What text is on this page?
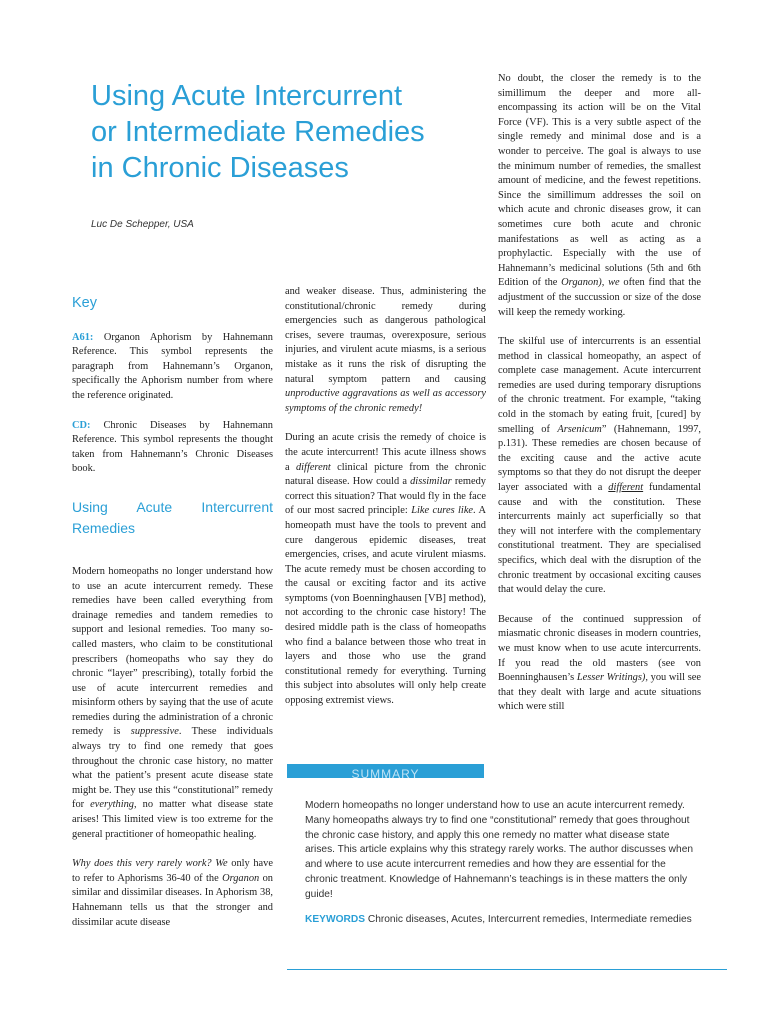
Using Acute Intercurrent
or Intermediate Remedies
in Chronic Diseases
Luc De Schepper, USA
Key

A61: Organon Aphorism by Hahnemann Reference. This symbol represents the paragraph from Hahnemann’s Organon, specifically the Aphorism number from where the reference originated.

CD: Chronic Diseases by Hahnemann Reference. This symbol represents the thought taken from Hahnemann’s Chronic Diseases book.

Using Acute Intercurrent Remedies

Modern homeopaths no longer understand how to use an acute intercurrent remedy. These remedies have been called everything from drainage remedies and tandem remedies to support and lesional remedies. Too many so-called masters, who claim to be constitutional prescribers (homeopaths who say they do chronic “layer” prescribing), totally forbid the use of acute intercurrent remedies and misinform others by saying that the use of acute remedies during the administration of a chronic remedy is suppressive. These individuals always try to find one remedy that goes throughout the chronic case history, no matter what the patient’s present acute disease state might be. They use this “constitutional” remedy for everything, no matter what disease state arises! This limited view is too extreme for the general practitioner of homeopathic healing.

Why does this very rarely work? We only have to refer to Aphorisms 36-40 of the Organon on similar and dissimilar diseases. In Aphorism 38, Hahnemann tells us that the stronger and dissimilar acute disease

and weaker disease. Thus, administering the constitutional/chronic remedy during emergencies such as dangerous pathological crises, severe traumas, overexposure, serious injuries, and virulent acute miasms, is a serious mistake as it runs the risk of disrupting the natural symptom pattern and causing unproductive aggravations as well as accessory symptoms of the chronic remedy!

During an acute crisis the remedy of choice is the acute intercurrent! This acute illness shows a different clinical picture from the chronic natural disease. How could a dissimilar remedy correct this situation? That would fly in the face of our most sacred principle: Like cures like. A homeopath must have the tools to prevent and cure dangerous epidemic diseases, treat emergencies, crises, and acute virulent miasms. The acute remedy must be chosen according to the causal or exciting factor and its active symptoms (von Boenninghausen [VB] method), not according to the chronic case history! The desired middle path is the class of homeopaths who find a balance between those who treat in layers and those who use the grand constitutional remedy for everything. Turning this subject into absolutes will only help create opposing extremist views.

No doubt, the closer the remedy is to the simillimum the deeper and more all-encompassing its action will be on the Vital Force (VF). This is a very subtle aspect of the single remedy and minimal dose and is a wonder to perceive. The goal is always to use the minimum number of remedies, the smallest amount of medicine, and the fewest repetitions. Since the simillimum addresses the soil on which acute and chronic diseases grow, it can sometimes cure both acute and chronic manifestations as well as acting as a prophylactic. Especially with the use of Hahnemann’s medicinal solutions (5th and 6th Edition of the Organon), we often find that the adjustment of the succussion or size of the dose will keep the remedy working.

The skilful use of intercurrents is an essential method in classical homeopathy, an aspect of complete case management. Acute intercurrent remedies are used during temporary disruptions of the chronic treatment. For example, “taking cold in the stomach by eating fruit, [cured] by smelling of Arsenicum” (Hahnemann, 1997, p.131). These remedies are chosen because of the exciting cause and the active acute symptoms so that they do not disrupt the deeper layer associated with a different fundamental cause and with the constitution. These intercurrents mainly act superficially so that they will not interfere with the complementary constitutional treatment. They are specialised specifics, which deal with the disruption of the chronic treatment by occasional exciting causes that would delay the cure.

Because of the continued suppression of miasmatic chronic diseases in modern countries, we must know when to use acute intercurrents. If you read the old masters (see von Boenninghausen’s Lesser Writings), you will see that they dealt with large and acute situations which were still

SUMMARY

Modern homeopaths no longer understand how to use an acute intercurrent remedy. Many homeopaths always try to find one “constitutional” remedy that goes throughout the chronic case history, and apply this one remedy no matter what disease state arises. This article explains why this strategy rarely works. The author discusses when and where to use acute intercurrent remedies and how they are essential for the chronic treatment. Knowledge of Hahnemann’s teachings is in these matters the only guide!

KEYWORDS Chronic diseases, Acutes, Intercurrent remedies, Intermediate remedies
